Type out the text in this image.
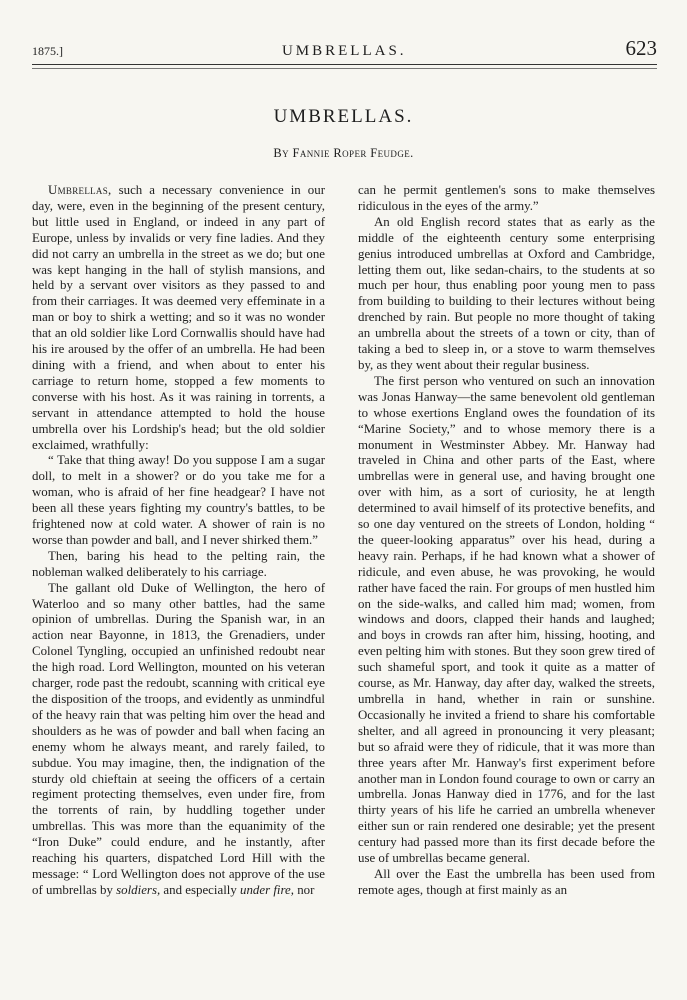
1875.]	UMBRELLAS.	623
UMBRELLAS.
By Fannie Roper Feudge.

Umbrellas, such a necessary convenience in our day, were, even in the beginning of the present century, but little used in England, or indeed in any part of Europe, unless by invalids or very fine ladies. And they did not carry an umbrella in the street as we do; but one was kept hanging in the hall of stylish mansions, and held by a servant over visitors as they passed to and from their carriages. It was deemed very effeminate in a man or boy to shirk a wetting; and so it was no wonder that an old soldier like Lord Cornwallis should have had his ire aroused by the offer of an umbrella. He had been dining with a friend, and when about to enter his carriage to return home, stopped a few moments to converse with his host. As it was raining in torrents, a servant in attendance attempted to hold the house umbrella over his Lordship's head; but the old soldier exclaimed, wrathfully:

“ Take that thing away! Do you suppose I am a sugar doll, to melt in a shower? or do you take me for a woman, who is afraid of her fine headgear? I have not been all these years fighting my country's battles, to be frightened now at cold water. A shower of rain is no worse than powder and ball, and I never shirked them.”

Then, baring his head to the pelting rain, the nobleman walked deliberately to his carriage.

The gallant old Duke of Wellington, the hero of Waterloo and so many other battles, had the same opinion of umbrellas. During the Spanish war, in an action near Bayonne, in 1813, the Grenadiers, under Colonel Tyngling, occupied an unfinished redoubt near the high road. Lord Wellington, mounted on his veteran charger, rode past the redoubt, scanning with critical eye the disposition of the troops, and evidently as unmindful of the heavy rain that was pelting him over the head and shoulders as he was of powder and ball when facing an enemy whom he always meant, and rarely failed, to subdue. You may imagine, then, the indignation of the sturdy old chieftain at seeing the officers of a certain regiment protecting themselves, even under fire, from the torrents of rain, by huddling together under umbrellas. This was more than the equanimity of the “Iron Duke” could endure, and he instantly, after reaching his quarters, dispatched Lord Hill with the message: “ Lord Wellington does not approve of the use of umbrellas by soldiers, and especially under fire, nor

can he permit gentlemen's sons to make themselves ridiculous in the eyes of the army.”

An old English record states that as early as the middle of the eighteenth century some enterprising genius introduced umbrellas at Oxford and Cambridge, letting them out, like sedan-chairs, to the students at so much per hour, thus enabling poor young men to pass from building to building to their lectures without being drenched by rain. But people no more thought of taking an umbrella about the streets of a town or city, than of taking a bed to sleep in, or a stove to warm themselves by, as they went about their regular business.

The first person who ventured on such an innovation was Jonas Hanway—the same benevolent old gentleman to whose exertions England owes the foundation of its “Marine Society,” and to whose memory there is a monument in Westminster Abbey. Mr. Hanway had traveled in China and other parts of the East, where umbrellas were in general use, and having brought one over with him, as a sort of curiosity, he at length determined to avail himself of its protective benefits, and so one day ventured on the streets of London, holding “ the queer-looking apparatus” over his head, during a heavy rain. Perhaps, if he had known what a shower of ridicule, and even abuse, he was provoking, he would rather have faced the rain. For groups of men hustled him on the side-walks, and called him mad; women, from windows and doors, clapped their hands and laughed; and boys in crowds ran after him, hissing, hooting, and even pelting him with stones. But they soon grew tired of such shameful sport, and took it quite as a matter of course, as Mr. Hanway, day after day, walked the streets, umbrella in hand, whether in rain or sunshine. Occasionally he invited a friend to share his comfortable shelter, and all agreed in pronouncing it very pleasant; but so afraid were they of ridicule, that it was more than three years after Mr. Hanway's first experiment before another man in London found courage to own or carry an umbrella. Jonas Hanway died in 1776, and for the last thirty years of his life he carried an umbrella whenever either sun or rain rendered one desirable; yet the present century had passed more than its first decade before the use of umbrellas became general.

All over the East the umbrella has been used from remote ages, though at first mainly as an
